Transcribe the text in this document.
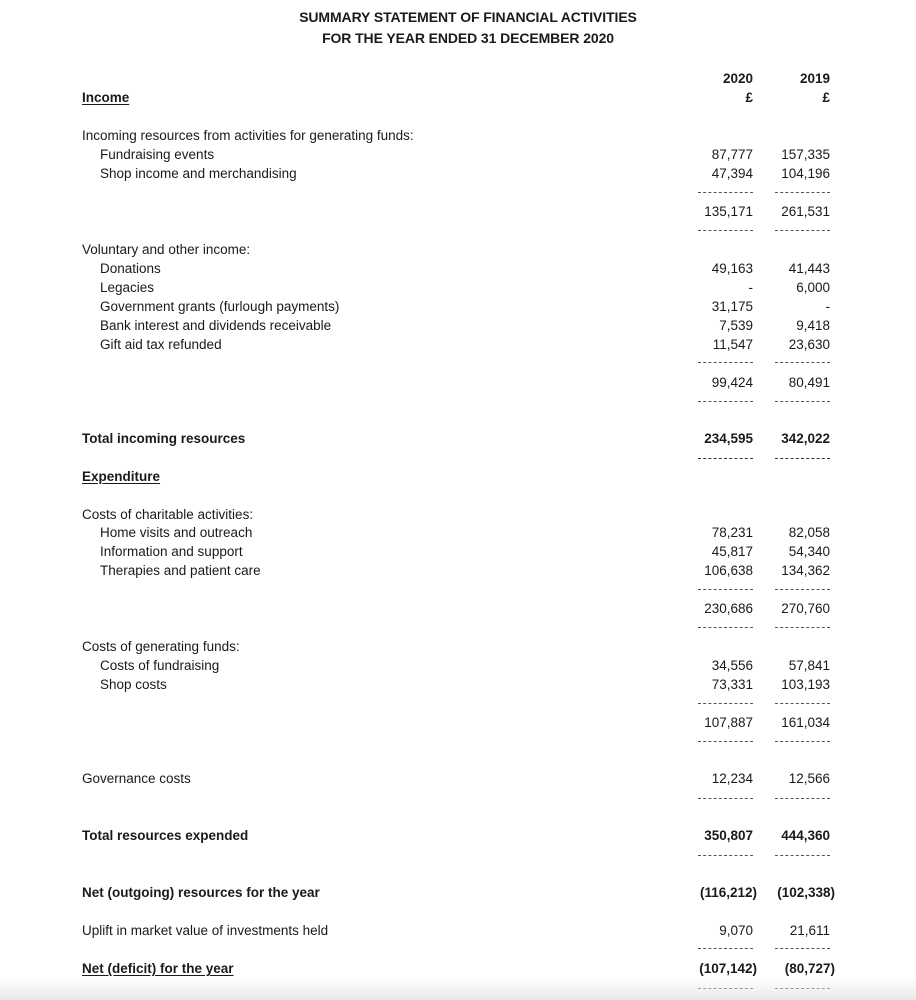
SUMMARY STATEMENT OF FINANCIAL ACTIVITIES
FOR THE YEAR ENDED 31 DECEMBER 2020
2020	2019
£	£
Income
Incoming resources from activities for generating funds:
Fundraising events	87,777	157,335
Shop income and merchandising	47,394	104,196
135,171	261,531
Voluntary and other income:
Donations	49,163	41,443
Legacies	-	6,000
Government grants (furlough payments)	31,175	-
Bank interest and dividends receivable	7,539	9,418
Gift aid tax refunded	11,547	23,630
99,424	80,491
Total incoming resources	234,595	342,022
Expenditure
Costs of charitable activities:
Home visits and outreach	78,231	82,058
Information and support	45,817	54,340
Therapies and patient care	106,638	134,362
230,686	270,760
Costs of generating funds:
Costs of fundraising	34,556	57,841
Shop costs	73,331	103,193
107,887	161,034
Governance costs	12,234	12,566
Total resources expended	350,807	444,360
Net (outgoing) resources for the year	(116,212)	(102,338)
Uplift in market value of investments held	9,070	21,611
Net (deficit) for the year	(107,142)	(80,727)
